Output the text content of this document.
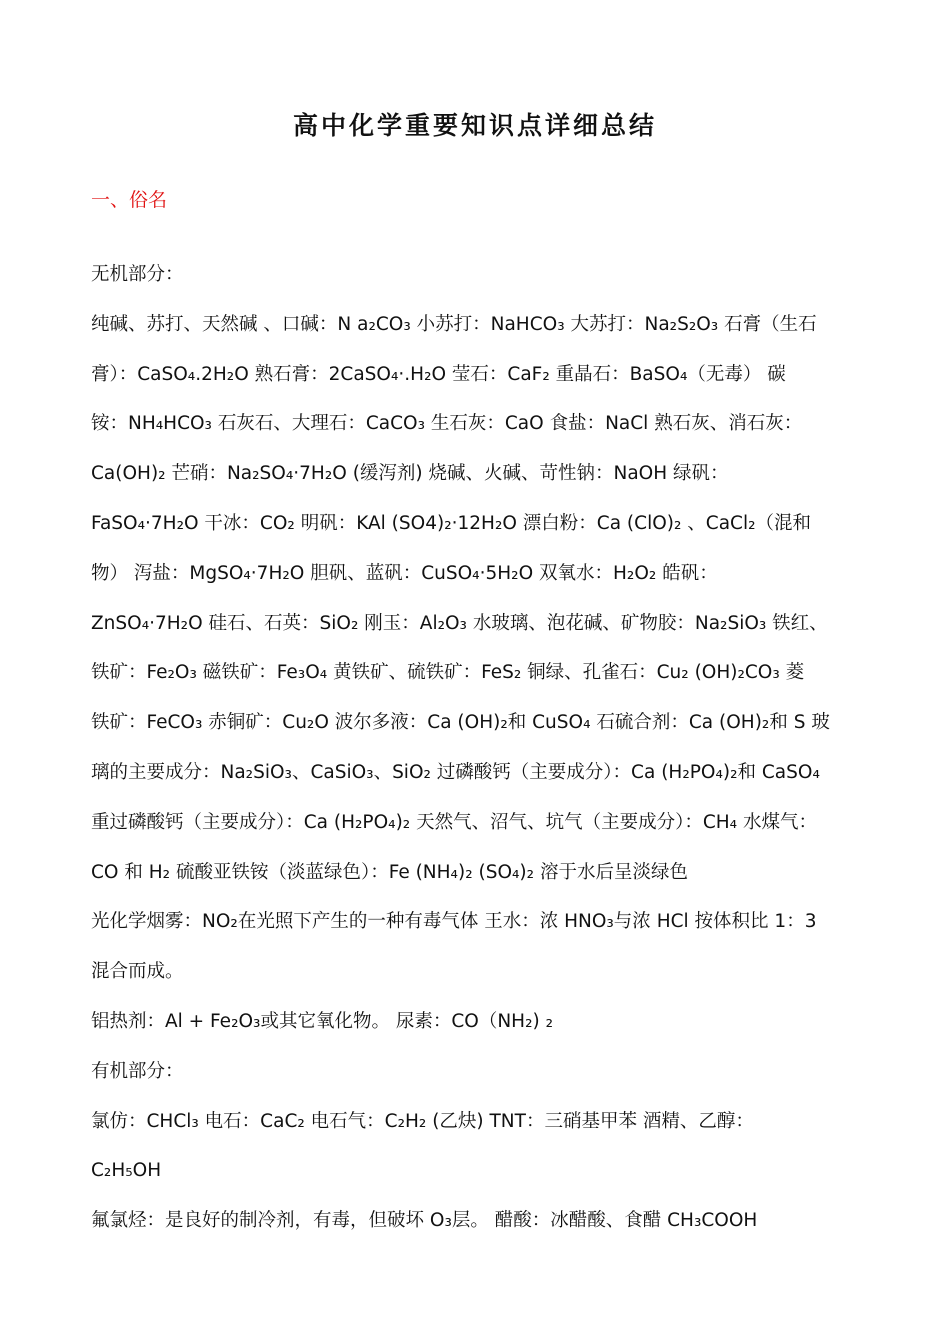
高中化学重要知识点详细总结
一、俗名
无机部分：
纯碱、苏打、天然碱 、口碱：N a₂CO₃ 小苏打：NaHCO₃ 大苏打：Na₂S₂O₃ 石膏（生石
膏）：CaSO₄.2H₂O 熟石膏：2CaSO₄·.H₂O 莹石：CaF₂ 重晶石：BaSO₄（无毒） 碳
铵：NH₄HCO₃ 石灰石、大理石：CaCO₃ 生石灰：CaO 食盐：NaCl 熟石灰、消石灰：
Ca(OH)₂ 芒硝：Na₂SO₄·7H₂O (缓泻剂) 烧碱、火碱、苛性钠：NaOH 绿矾：
FaSO₄·7H₂O 干冰：CO₂ 明矾：KAl (SO4)₂·12H₂O 漂白粉：Ca (ClO)₂ 、CaCl₂（混和
物） 泻盐：MgSO₄·7H₂O 胆矾、蓝矾：CuSO₄·5H₂O 双氧水：H₂O₂ 皓矾：
ZnSO₄·7H₂O 硅石、石英：SiO₂ 刚玉：Al₂O₃ 水玻璃、泡花碱、矿物胶：Na₂SiO₃ 铁红、
铁矿：Fe₂O₃ 磁铁矿：Fe₃O₄ 黄铁矿、硫铁矿：FeS₂ 铜绿、孔雀石：Cu₂ (OH)₂CO₃ 菱
铁矿：FeCO₃ 赤铜矿：Cu₂O 波尔多液：Ca (OH)₂和 CuSO₄ 石硫合剂：Ca (OH)₂和 S 玻
璃的主要成分：Na₂SiO₃、CaSiO₃、SiO₂ 过磷酸钙（主要成分）：Ca (H₂PO₄)₂和 CaSO₄
重过磷酸钙（主要成分）：Ca (H₂PO₄)₂ 天然气、沼气、坑气（主要成分）：CH₄ 水煤气：
CO 和 H₂ 硫酸亚铁铵（淡蓝绿色）：Fe (NH₄)₂ (SO₄)₂ 溶于水后呈淡绿色
光化学烟雾：NO₂在光照下产生的一种有毒气体 王水：浓 HNO₃与浓 HCl 按体积比 1：3
混合而成。
铝热剂：Al + Fe₂O₃或其它氧化物。 尿素：CO（NH₂) ₂
有机部分：
氯仿：CHCl₃ 电石：CaC₂ 电石气：C₂H₂ (乙炔) TNT：三硝基甲苯 酒精、乙醇：
C₂H₅OH
氟氯烃：是良好的制冷剂，有毒，但破坏 O₃层。 醋酸：冰醋酸、食醋 CH₃COOH
